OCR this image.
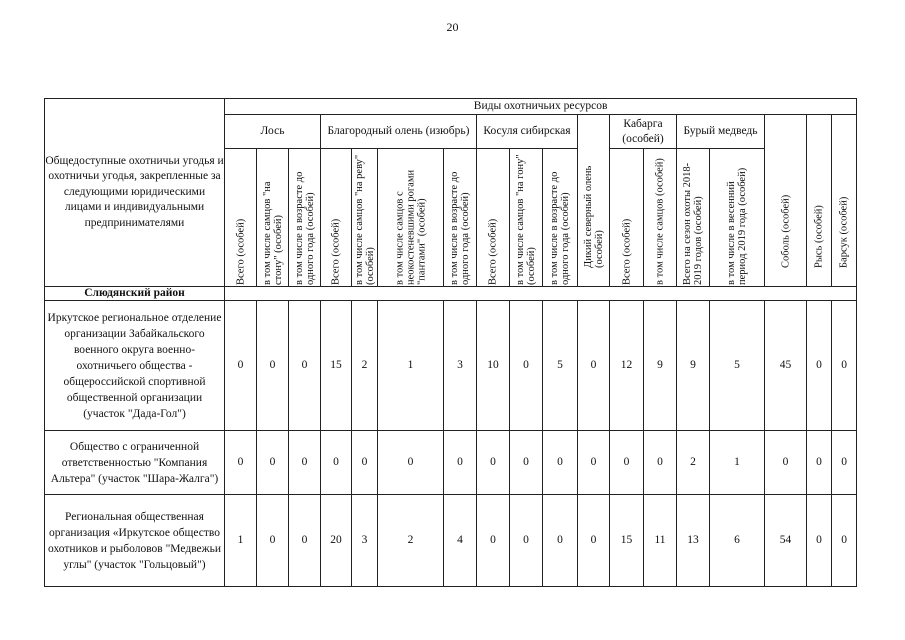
20
Общедоступные охотничьи угодья и охотничьи угодья, закрепленные за следующими юридическими лицами и индивидуальными предпринимателями	Виды охотничьих ресурсов																	
	Лось			Благородный олень (изюбрь)				Косуля сибирская			Дикий северный олень (особей)	Кабарга (особей)		Бурый медведь		Соболь (особей)	Рысь (особей)	Барсук (особей)

	Всего (особей)	в том числе самцов "на стону" (особей)	в том числе в возрасте до одного года (особей)	Всего (особей)	в том числе самцов "на реву" (особей)	в том числе самцов с неокостеневшими рогами "пантами" (особей)	в том числе в возрасте до одного года (особей)	Всего (особей)	в том числе самцов "на гону" (особей)	в том числе в возрасте до одного года (особей)		Всего (особей)	в том числе самцов (особей)	Всего на сезон охоты 2018-2019 годов (особей)	в том числе в весенний период 2019 года (особей)			

Слюдянский район																		
Иркутское региональное отделение организации Забайкальского военного округа военно-охотничьего общества - общероссийской спортивной общественной организации (участок "Дада-Гол")	0	0	0	15	2	1	3	10	0	5	0	12	9	9	5	45	0	0
Общество с ограниченной ответственностью "Компания Альтера" (участок "Шара-Жалга")	0	0	0	0	0	0	0	0	0	0	0	0	0	2	1	0	0	0
Региональная общественная организация «Иркутское общество охотников и рыболовов "Медвежьи углы" (участок "Гольцовый")	1	0	0	20	3	2	4	0	0	0	0	15	11	13	6	54	0	0
